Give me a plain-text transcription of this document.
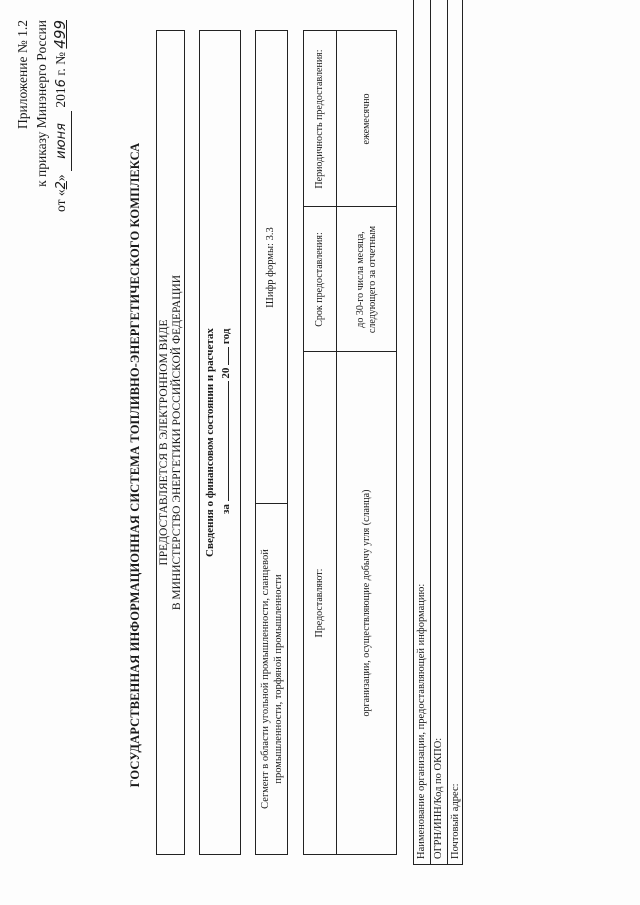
Приложение № 1.2 к приказу Минэнерго России
от «2» июня 2016 г. № 499
ГОСУДАРСТВЕННАЯ ИНФОРМАЦИОННАЯ СИСТЕМА ТОПЛИВНО-ЭНЕРГЕТИЧЕСКОГО КОМПЛЕКСА ПРЕДОСТАВЛЯЕТСЯ В ЭЛЕКТРОННОМ ВИДЕ В МИНИСТЕРСТВО ЭНЕРГЕТИКИ РОССИЙСКОЙ ФЕДЕРАЦИИ Сведения о финансовом состоянии и расчетах за  20  год
Сегмент в области угольной промышленности, сланцевой промышленности, торфяной промышленности
Шифр формы: 3.3
Предоставляют:
Срок предоставления:
Периодичность предоставления:
организации, осуществляющие добычу угля (сланца)
до 30-го числа месяца, следующего за отчетным
ежемесячно
Наименование организации, предоставляющей информацию: ОГРН/ИНН/Код по ОКПО: Почтовый адрес:
